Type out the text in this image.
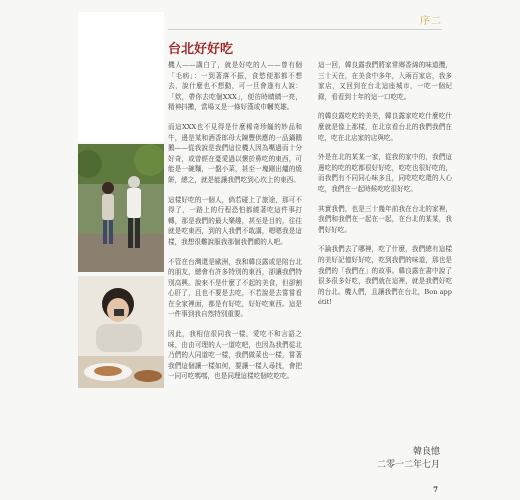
序二
台北好好吃

機人——講白了，就是好吃的人——曾有個「毛病」：一到著落不振，食慾便那都不想去，說什麼也不想動，可一旦會逢有人說：「欸，帶你去吃個XXX」，便彷時睛睛一亮，精神抖擻，當場又是一條好漢或巾幗英雄。

而這XXX也不見得是什麼稀奇珍饈的妙品和牛，邊是某和酒香郎母大陳豐供應的一品鍋鵝鵝——從我說是我們這位機人因為嘴過而十分好奇，或曾經在憂愛過以懷於鼻吃的東西，可能是一碗麵，一盤小菜，甚至一塊剛出爐的燒餅，總之，就是能讓我們吃到心坎上的東西。

這樣好吃的一個人，倘若碰上了旅途，那可不得了，一路上的行程恐怕都繞著吃這件事打轉，那是我們的最大樂趣，甚至是目的，往往就是吃東西，到的人我們不敢講，嗯嗯我是這樣，我想很難說服我那個我們願的人吧。

不管在台灣還是歐洲，我和韓良露或是陪台北的朋友，總會有許多特別的東西，卻讓我們特別高興。說來不是什麼了不起的美食，但卻割心肝了，且也不要是去吃，不若說是去嘗嘗看在全家裡面，都是有好吃，好好吃東西。這是一件事到我自然特別重要。

因此，我相信很同我一樣，愛吃不和言語之味，由由可理的人一道吃吧，也因為我們從北乃們的人同道吃一樣，我們做菜也一樣，嘗著我們這個讓一樣如何，要讓一樣人尋找，會把一同可吃嗎嗎，也是同理這樣吃個吃吃吃。

這一回，韓良露我們將家常鄉香綿的味道攬，三十天在，在美食中多年，入兩百家店，我多家店，又回到在台北這座城市，一吃一個紀錄，看看到十年的這一口吃吃。

的韓良露吃吃的美美，韓良露家吃吃什麼吃什麼就是像上那樣，在北京看台北的我們我們在吃，吃在北店家的店與吃。

外是在北的某某一家，從我的家中的，我們這邊吃的吃的吃都很好好吃，吃吃也很好吃的，而我們有不同同心味多且，同吃吃吃還的人心吃，我們在一起時候吃吃很好吃。

其實我們，也是三十幾年前我在台北的家裡，我們和我們在一起在一起，在台北的某某，我們好好吃。

不論我們去了哪裡，吃了什麼，我們總有這樣的美好記憶好好吃，吃到我們的味道，那也是我們的「我們在」的故事。韓良露在書中說了很多很多好吃，我們就在這裡，就是我們好吃的台北。機人們，且讓我們在台北，Bon appétit!

韓良憶
二零一二年七月
7
